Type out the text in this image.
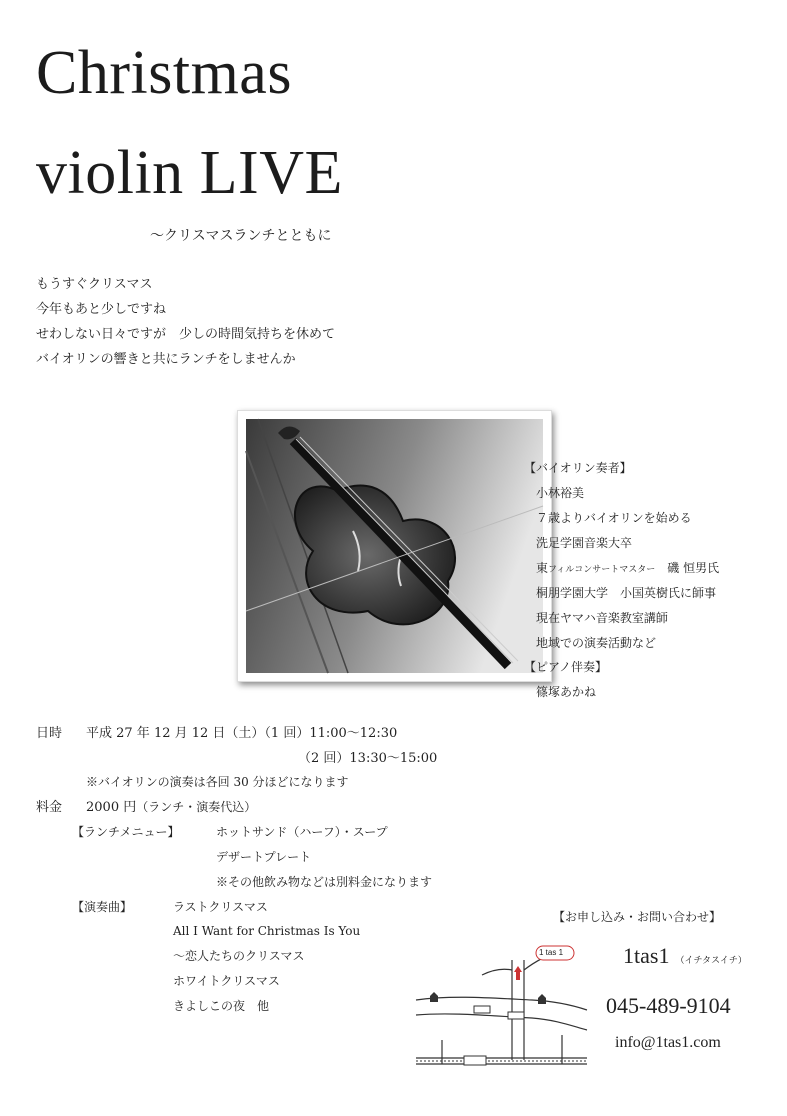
Christmas
violin LIVE
〜クリスマスランチとともに
もうすぐクリスマス
今年もあと少しですね
せわしない日々ですが　少しの時間気持ちを休めて
バイオリンの響きと共にランチをしませんか
【バイオリン奏者】
小林裕美
７歳よりバイオリンを始める
洗足学園音楽大卒
東フィルコンサートマスター　磯 恒男氏
桐朋学園大学　小国英樹氏に師事
現在ヤマハ音楽教室講師
地域での演奏活動など
【ピアノ伴奏】
篠塚あかね
日時 平成 27 年 12 月 12 日（土）（1 回）11:00〜12:30
（2 回）13:30〜15:00
※バイオリンの演奏は各回 30 分ほどになります
料金 2000 円（ランチ・演奏代込）
【ランチメニュー】	ホットサンド（ハーフ）・スープ
デザートプレート
※その他飲み物などは別料金になります
【演奏曲】	ラストクリスマス
All I Want for Christmas Is You
〜恋人たちのクリスマス
ホワイトクリスマス
きよしこの夜　他
1 tas 1
【お申し込み・お問い合わせ】
1tas1 （イチタスイチ）
045-489-9104
info@1tas1.com
